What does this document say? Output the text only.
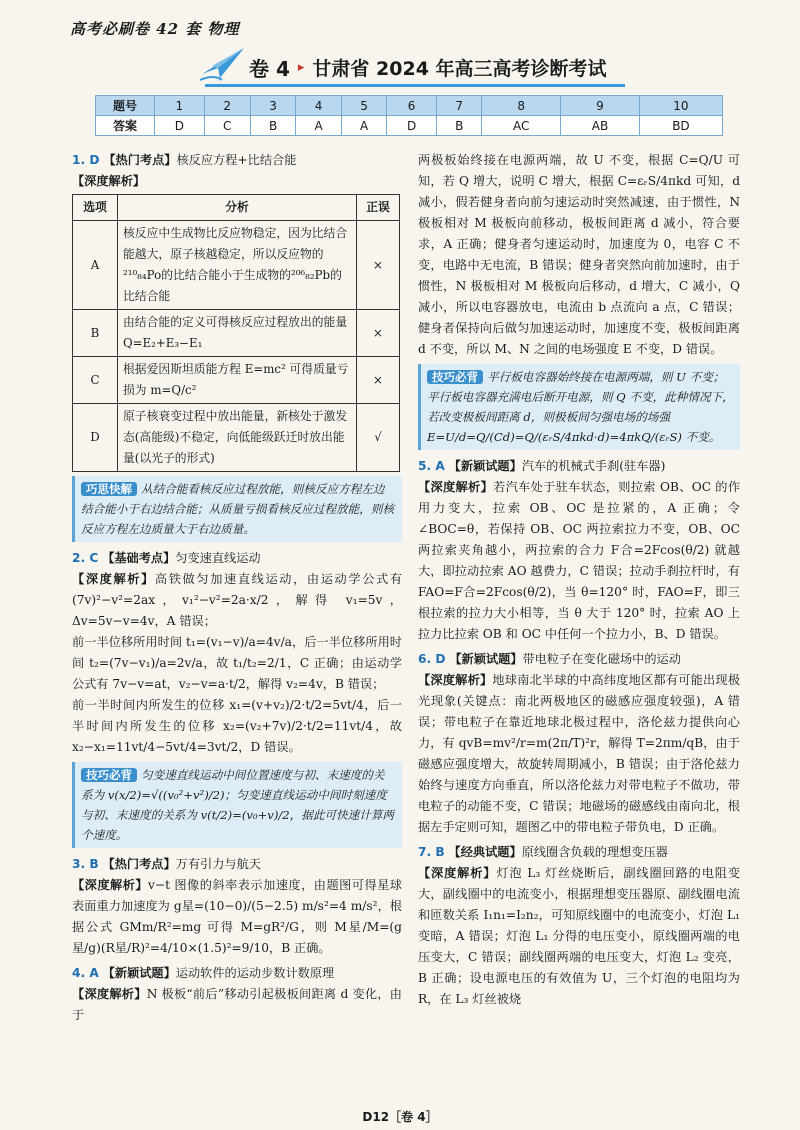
高考必刷卷 42 套 物理
卷 4 ▸ 甘肃省 2024 年高三高考诊断考试
题号	1	2	3	4	5	6	7	8	9	10
答案	D	C	B	A	A	D	B	AC	AB	BD
1. D 【热门考点】核反应方程+比结合能
【深度解析】
选项	分析	正误
A	核反应中生成物比反应物稳定，因为比结合能越大，原子核越稳定，所以反应物的²¹⁰₈₄Po的比结合能小于生成物的²⁰⁶₈₂Pb的比结合能	×
B	由结合能的定义可得核反应过程放出的能量 Q=E₂+E₃−E₁	×
C	根据爱因斯坦质能方程 E=mc² 可得质量亏损为 m=Q/c²	×
D	原子核衰变过程中放出能量，新核处于激发态(高能级)不稳定，向低能级跃迁时放出能量(以光子的形式)	√
巧思快解 从结合能看核反应过程放能，则核反应方程左边结合能小于右边结合能；从质量亏损看核反应过程放能，则核反应方程左边质量大于右边质量。
2. C 【基础考点】匀变速直线运动

【深度解析】高铁做匀加速直线运动，由运动学公式有(7v)²−v²=2ax，v₁²−v²=2a·x/2，解得 v₁=5v，Δv=5v−v=4v，A 错误；

前一半位移所用时间 t₁=(v₁−v)/a=4v/a，后一半位移所用时间 t₂=(7v−v₁)/a=2v/a，故 t₁/t₂=2/1，C 正确；由运动学公式有 7v−v=at，v₂−v=a·t/2，解得 v₂=4v，B 错误；

前一半时间内所发生的位移 x₁=(v+v₂)/2·t/2=5vt/4，后一半时间内所发生的位移 x₂=(v₂+7v)/2·t/2=11vt/4，故 x₂−x₁=11vt/4−5vt/4=3vt/2，D 错误。

技巧必背 匀变速直线运动中间位置速度与初、末速度的关系为 v(x/2)=√((v₀²+v²)/2)；匀变速直线运动中间时刻速度与初、末速度的关系为 v(t/2)=(v₀+v)/2，据此可快速计算两个速度。
3. B 【热门考点】万有引力与航天

【深度解析】v−t 图像的斜率表示加速度，由题图可得星球表面重力加速度为 g星=(10−0)/(5−2.5) m/s²=4 m/s²，根据公式 GMm/R²=mg 可得 M=gR²/G，则 M星/M=(g星/g)(R星/R)²=4/10×(1.5)²=9/10，B 正确。

4. A 【新颖试题】运动软件的运动步数计数原理

【深度解析】N 极板“前后”移动引起极板间距离 d 变化，由于

两极板始终接在电源两端，故 U 不变，根据 C=Q/U 可知，若 Q 增大，说明 C 增大，根据 C=εᵣS/4πkd 可知，d 减小，假若健身者向前匀速运动时突然减速，由于惯性，N 极板相对 M 极板向前移动，极板间距离 d 减小，符合要求，A 正确；健身者匀速运动时，加速度为 0，电容 C 不变，电路中无电流，B 错误；健身者突然向前加速时，由于惯性，N 极板相对 M 极板向后移动，d 增大，C 减小，Q 减小，所以电容器放电，电流由 b 点流向 a 点，C 错误；健身者保持向后做匀加速运动时，加速度不变，极板间距离 d 不变，所以 M、N 之间的电场强度 E 不变，D 错误。

技巧必背 平行板电容器始终接在电源两端，则 U 不变；平行板电容器充满电后断开电源，则 Q 不变，此种情况下，若改变极板间距离 d，则极板间匀强电场的场强 E=U/d=Q/(Cd)=Q/(εᵣS/4πkd·d)=4πkQ/(εᵣS) 不变。
5. A 【新颖试题】汽车的机械式手刹(驻车器)

【深度解析】若汽车处于驻车状态，则拉索 OB、OC 的作用力变大，拉索 OB、OC 是拉紧的，A 正确；令∠BOC=θ，若保持 OB、OC 两拉索拉力不变，OB、OC 两拉索夹角越小，两拉索的合力 F合=2Fcos(θ/2) 就越大，即拉动拉索 AO 越费力，C 错误；拉动手刹拉杆时，有 FAO=F合=2Fcos(θ/2)，当 θ=120° 时，FAO=F，即三根拉索的拉力大小相等，当 θ 大于 120° 时，拉索 AO 上拉力比拉索 OB 和 OC 中任何一个拉力小，B、D 错误。

6. D 【新颖试题】带电粒子在变化磁场中的运动

【深度解析】地球南北半球的中高纬度地区都有可能出现极光现象(关键点：南北两极地区的磁感应强度较强)，A 错误；带电粒子在靠近地球北极过程中，洛伦兹力提供向心力，有 qvB=mv²/r=m(2π/T)²r，解得 T=2πm/qB，由于磁感应强度增大，故旋转周期减小，B 错误；由于洛伦兹力始终与速度方向垂直，所以洛伦兹力对带电粒子不做功，带电粒子的动能不变，C 错误；地磁场的磁感线由南向北，根据左手定则可知，题图乙中的带电粒子带负电，D 正确。

7. B 【经典试题】原线圈含负载的理想变压器

【深度解析】灯泡 L₃ 灯丝烧断后，副线圈回路的电阻变大，副线圈中的电流变小，根据理想变压器原、副线圈电流和匝数关系 I₁n₁=I₂n₂，可知原线圈中的电流变小，灯泡 L₁ 变暗，A 错误；灯泡 L₁ 分得的电压变小，原线圈两端的电压变大，C 错误；副线圈两端的电压变大，灯泡 L₂ 变亮，B 正确；设电源电压的有效值为 U，三个灯泡的电阻均为 R，在 L₃ 灯丝被烧

D12［卷 4］
